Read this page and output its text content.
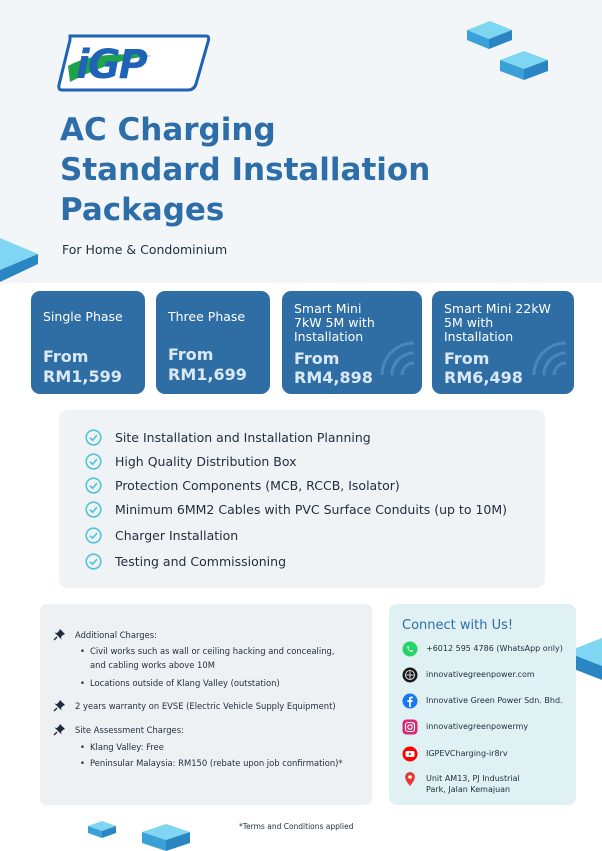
iGP
AC Charging
Standard Installation
Packages
For Home & Condominium
Single Phase
From
RM1,599
Three Phase
From
RM1,699
Smart Mini
7kW 5M with
Installation
From
RM4,898
Smart Mini 22kW
5M with
Installation
From
RM6,498
Site Installation and Installation Planning
High Quality Distribution Box
Protection Components (MCB, RCCB, Isolator)
Minimum 6MM2 Cables with PVC Surface Conduits (up to 10M)
Charger Installation
Testing and Commissioning
Additional Charges:
• Civil works such as wall or ceiling hacking and concealing,
and cabling works above 10M
• Locations outside of Klang Valley (outstation)
2 years warranty on EVSE (Electric Vehicle Supply Equipment)
Site Assessment Charges:
• Klang Valley: Free
• Peninsular Malaysia: RM150 (rebate upon job confirmation)*
Connect with Us!
+6012 595 4786 (WhatsApp only)
innovativegreenpower.com
Innovative Green Power Sdn. Bhd.
innovativegreenpowermy
IGPEVCharging-ir8rv
Unit AM13, PJ Industrial
Park, Jalan Kemajuan
*Terms and Conditions applied
